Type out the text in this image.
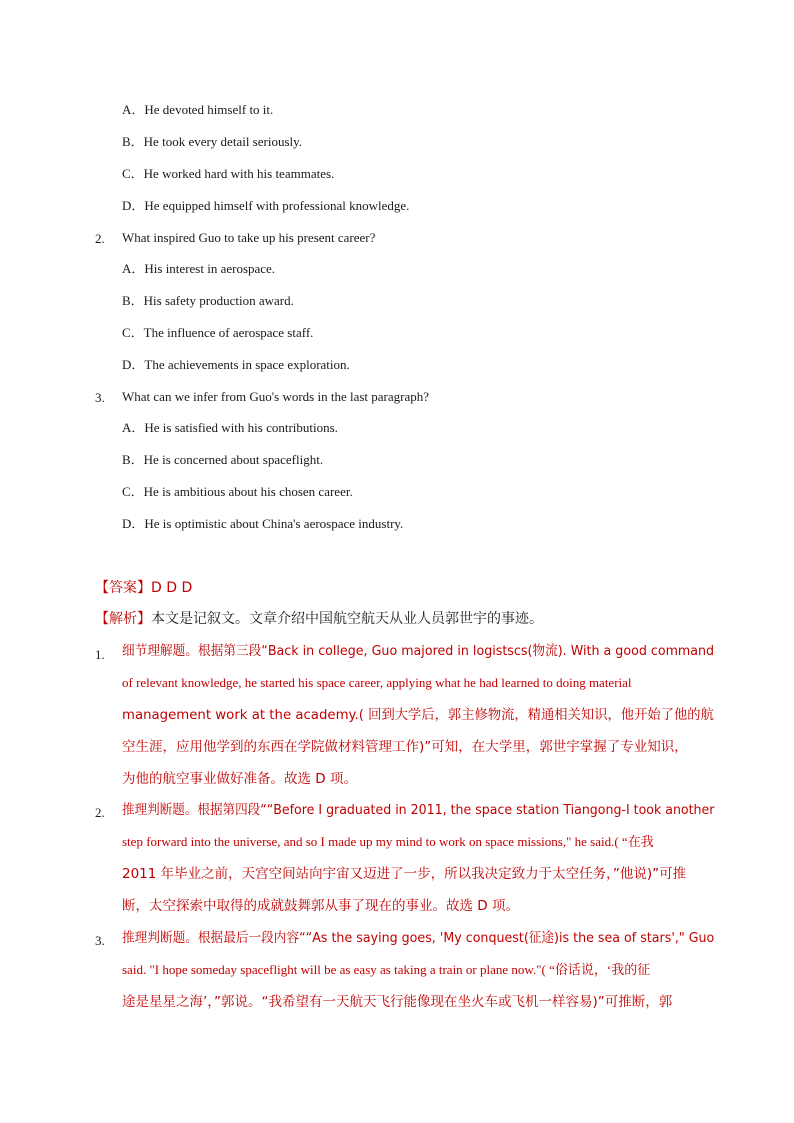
A．He devoted himself to it.
B．He took every detail seriously.
C．He worked hard with his teammates.
D．He equipped himself with professional knowledge.
2. What inspired Guo to take up his present career?
A．His interest in aerospace.
B．His safety production award.
C．The influence of aerospace staff.
D．The achievements in space exploration.
3. What can we infer from Guo's words in the last paragraph?
A．He is satisfied with his contributions.
B．He is concerned about spaceflight.
C．He is ambitious about his chosen career.
D．He is optimistic about China's aerospace industry.
【答案】D D D
【解析】本文是记叙文。文章介绍中国航空航天从业人员郭世宇的事迹。
1. 细节理解题。根据第三段“Back in college, Guo majored in logistscs(物流). With a good command
of relevant knowledge, he started his space career, applying what he had learned to doing material
management work at the academy.( 回到大学后，郭主修物流，精通相关知识，他开始了他的航
空生涯，应用他学到的东西在学院做材料管理工作)”可知，在大学里，郭世宇掌握了专业知识，
为他的航空事业做好准备。故选 D 项。
2. 推理判断题。根据第四段““Before I graduated in 2011, the space station Tiangong-I took another
step forward into the universe, and so I made up my mind to work on space missions," he said.( “在我
2011 年毕业之前，天宫空间站向宇宙又迈进了一步，所以我决定致力于太空任务，”他说)”可推
断，太空探索中取得的成就鼓舞郭从事了现在的事业。故选 D 项。
3. 推理判断题。根据最后一段内容““As the saying goes, 'My conquest(征途)is the sea of stars'," Guo
said. "I hope someday spaceflight will be as easy as taking a train or plane now."( “俗话说，‘我的征
途是星星之海’，”郭说。“我希望有一天航天飞行能像现在坐火车或飞机一样容易)”可推断，郭
